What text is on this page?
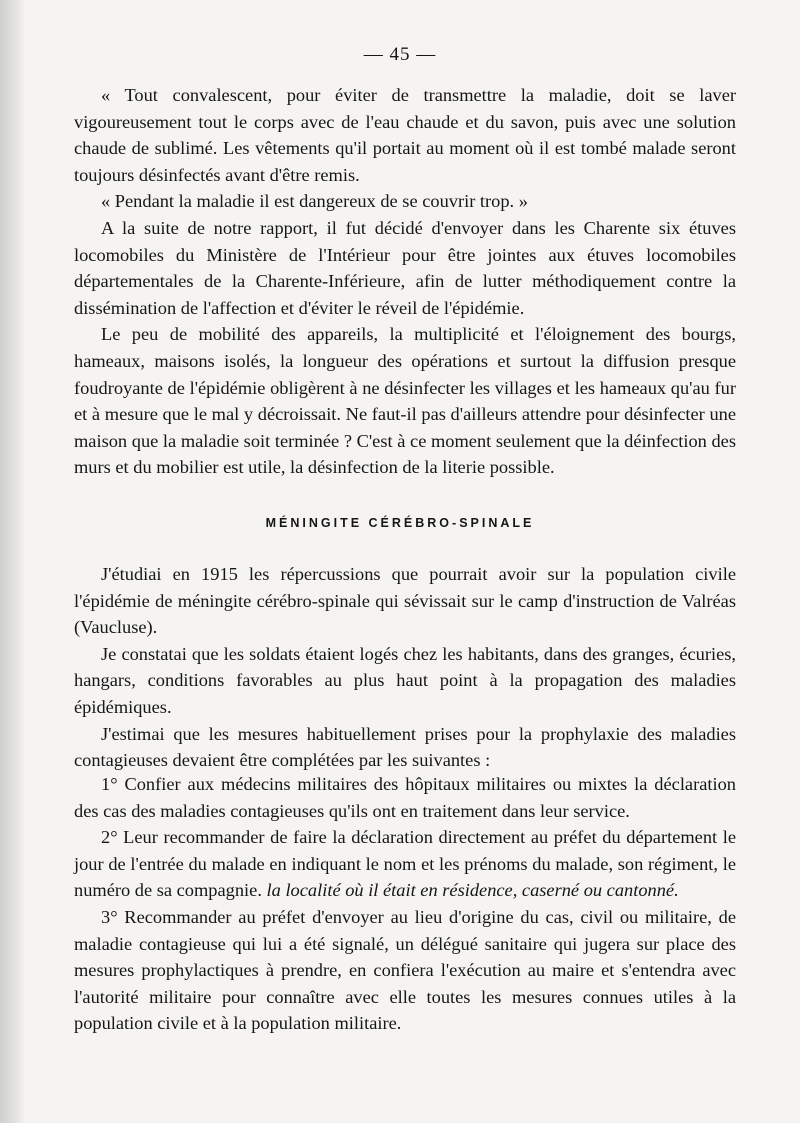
— 45 —

« Tout convalescent, pour éviter de transmettre la maladie, doit se laver vigoureusement tout le corps avec de l'eau chaude et du savon, puis avec une solution chaude de sublimé. Les vêtements qu'il portait au moment où il est tombé malade seront toujours désinfectés avant d'être remis.

« Pendant la maladie il est dangereux de se couvrir trop. »

A la suite de notre rapport, il fut décidé d'envoyer dans les Charente six étuves locomobiles du Ministère de l'Intérieur pour être jointes aux étuves locomobiles départementales de la Charente-Inférieure, afin de lutter méthodiquement contre la dissémination de l'affection et d'éviter le réveil de l'épidémie.

Le peu de mobilité des appareils, la multiplicité et l'éloignement des bourgs, hameaux, maisons isolés, la longueur des opérations et surtout la diffusion presque foudroyante de l'épidémie obligèrent à ne désinfecter les villages et les hameaux qu'au fur et à mesure que le mal y décroissait. Ne faut-il pas d'ailleurs attendre pour désinfecter une maison que la maladie soit terminée ? C'est à ce moment seulement que la déinfection des murs et du mobilier est utile, la désinfection de la literie possible.

MÉNINGITE CÉRÉBRO-SPINALE

J'étudiai en 1915 les répercussions que pourrait avoir sur la population civile l'épidémie de méningite cérébro-spinale qui sévissait sur le camp d'instruction de Valréas (Vaucluse).

Je constatai que les soldats étaient logés chez les habitants, dans des granges, écuries, hangars, conditions favorables au plus haut point à la propagation des maladies épidémiques.

J'estimai que les mesures habituellement prises pour la prophylaxie des maladies contagieuses devaient être complétées par les suivantes :

1° Confier aux médecins militaires des hôpitaux militaires ou mixtes la déclaration des cas des maladies contagieuses qu'ils ont en traitement dans leur service.

2° Leur recommander de faire la déclaration directement au préfet du département le jour de l'entrée du malade en indiquant le nom et les prénoms du malade, son régiment, le numéro de sa compagnie. la localité où il était en résidence, caserné ou cantonné.

3° Recommander au préfet d'envoyer au lieu d'origine du cas, civil ou militaire, de maladie contagieuse qui lui a été signalé, un délégué sanitaire qui jugera sur place des mesures prophylactiques à prendre, en confiera l'exécution au maire et s'entendra avec l'autorité militaire pour connaître avec elle toutes les mesures connues utiles à la population civile et à la population militaire.
